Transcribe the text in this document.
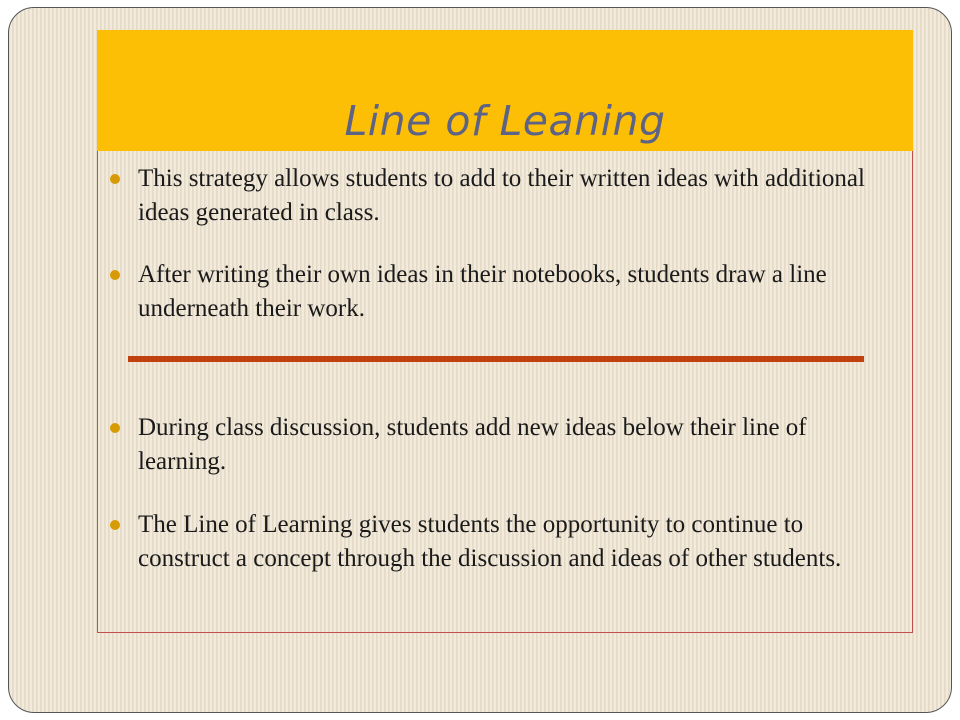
Line of Leaning
This strategy allows students to add to their written ideas with additional ideas generated in class.
After writing their own ideas in their notebooks, students draw a line underneath their work.
During class discussion, students add new ideas below their line of learning.
The Line of Learning gives students the opportunity to continue to construct a concept through the discussion and ideas of other students.
